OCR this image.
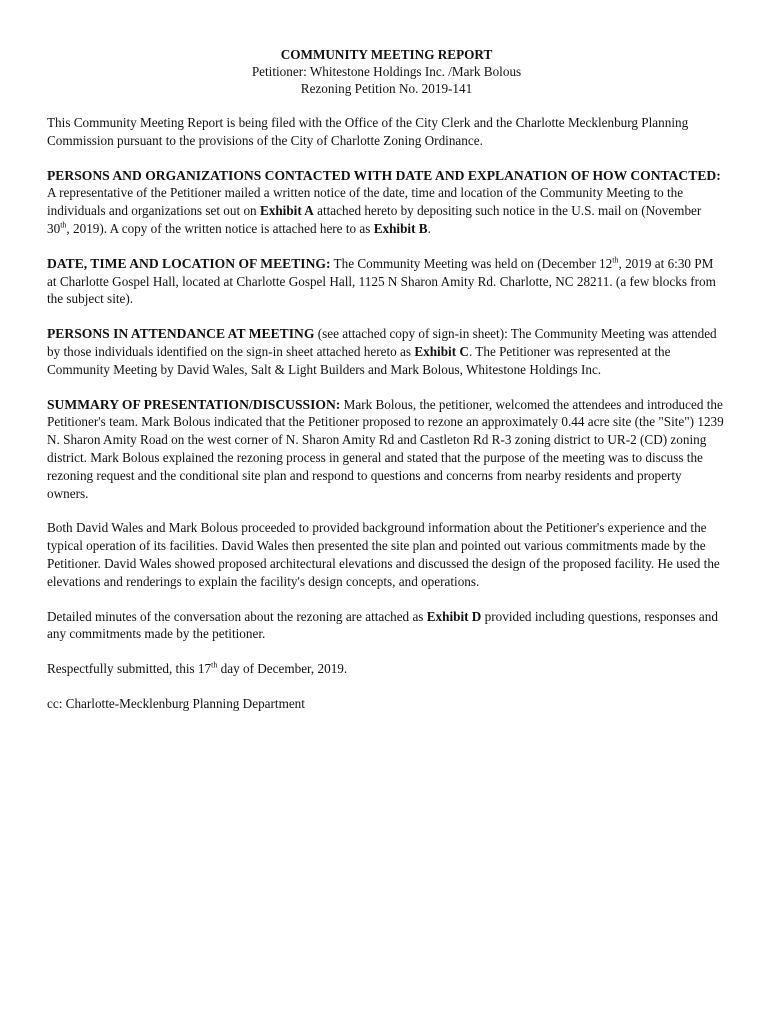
COMMUNITY MEETING REPORT
Petitioner: Whitestone Holdings Inc. /Mark Bolous
Rezoning Petition No. 2019-141

This Community Meeting Report is being filed with the Office of the City Clerk and the Charlotte Mecklenburg Planning Commission pursuant to the provisions of the City of Charlotte Zoning Ordinance.

PERSONS AND ORGANIZATIONS CONTACTED WITH DATE AND EXPLANATION OF HOW CONTACTED:
A representative of the Petitioner mailed a written notice of the date, time and location of the Community Meeting to the individuals and organizations set out on Exhibit A attached hereto by depositing such notice in the U.S. mail on (November 30th, 2019). A copy of the written notice is attached here to as Exhibit B.

DATE, TIME AND LOCATION OF MEETING: The Community Meeting was held on (December 12th, 2019 at 6:30 PM at Charlotte Gospel Hall, located at Charlotte Gospel Hall, 1125 N Sharon Amity Rd. Charlotte, NC 28211. (a few blocks from the subject site).

PERSONS IN ATTENDANCE AT MEETING (see attached copy of sign-in sheet): The Community Meeting was attended by those individuals identified on the sign-in sheet attached hereto as Exhibit C. The Petitioner was represented at the Community Meeting by David Wales, Salt & Light Builders and Mark Bolous, Whitestone Holdings Inc.

SUMMARY OF PRESENTATION/DISCUSSION: Mark Bolous, the petitioner, welcomed the attendees and introduced the Petitioner's team. Mark Bolous indicated that the Petitioner proposed to rezone an approximately 0.44 acre site (the "Site") 1239 N. Sharon Amity Road on the west corner of N. Sharon Amity Rd and Castleton Rd R-3 zoning district to UR-2 (CD) zoning district. Mark Bolous explained the rezoning process in general and stated that the purpose of the meeting was to discuss the rezoning request and the conditional site plan and respond to questions and concerns from nearby residents and property owners.

Both David Wales and Mark Bolous proceeded to provided background information about the Petitioner's experience and the typical operation of its facilities. David Wales then presented the site plan and pointed out various commitments made by the Petitioner. David Wales showed proposed architectural elevations and discussed the design of the proposed facility. He used the elevations and renderings to explain the facility's design concepts, and operations.

Detailed minutes of the conversation about the rezoning are attached as Exhibit D provided including questions, responses and any commitments made by the petitioner.

Respectfully submitted, this 17th day of December, 2019.

cc: Charlotte-Mecklenburg Planning Department
